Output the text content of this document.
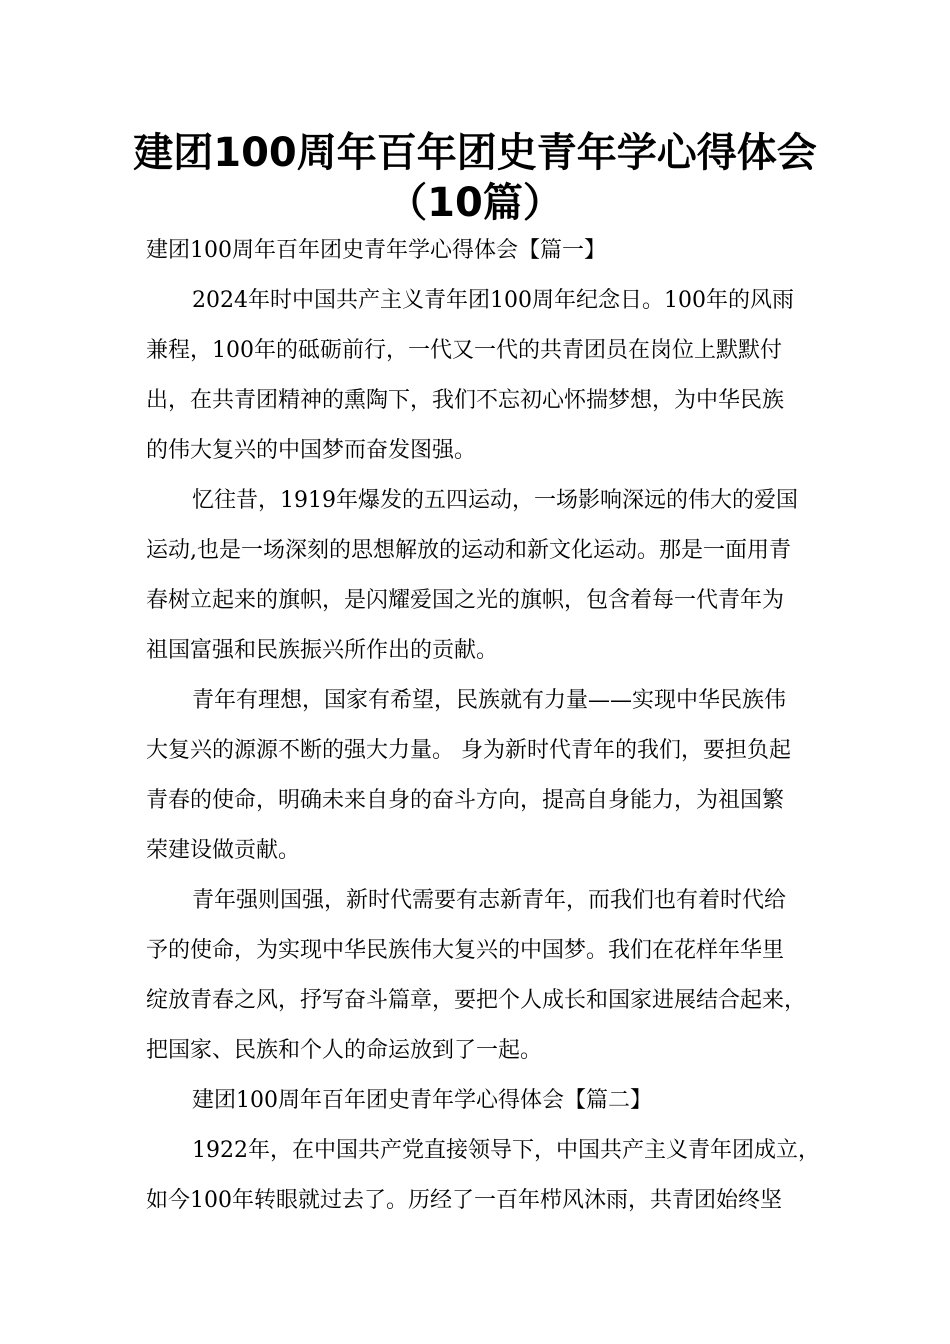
建团100周年百年团史青年学心得体会
（10篇）

建团100周年百年团史青年学心得体会【篇一】

2024年时中国共产主义青年团100周年纪念日。100年的风雨

兼程，100年的砥砺前行，一代又一代的共青团员在岗位上默默付

出，在共青团精神的熏陶下，我们不忘初心怀揣梦想，为中华民族

的伟大复兴的中国梦而奋发图强。

忆往昔，1919年爆发的五四运动，一场影响深远的伟大的爱国

运动,也是一场深刻的思想解放的运动和新文化运动。那是一面用青

春树立起来的旗帜，是闪耀爱国之光的旗帜，包含着每一代青年为

祖国富强和民族振兴所作出的贡献。

青年有理想，国家有希望，民族就有力量——实现中华民族伟

大复兴的源源不断的强大力量。 身为新时代青年的我们，要担负起

青春的使命，明确未来自身的奋斗方向，提高自身能力，为祖国繁

荣建设做贡献。

青年强则国强，新时代需要有志新青年，而我们也有着时代给

予的使命，为实现中华民族伟大复兴的中国梦。我们在花样年华里

绽放青春之风，抒写奋斗篇章，要把个人成长和国家进展结合起来，

把国家、民族和个人的命运放到了一起。

建团100周年百年团史青年学心得体会【篇二】

1922年，在中国共产党直接领导下，中国共产主义青年团成立，

如今100年转眼就过去了。历经了一百年栉风沐雨，共青团始终坚
